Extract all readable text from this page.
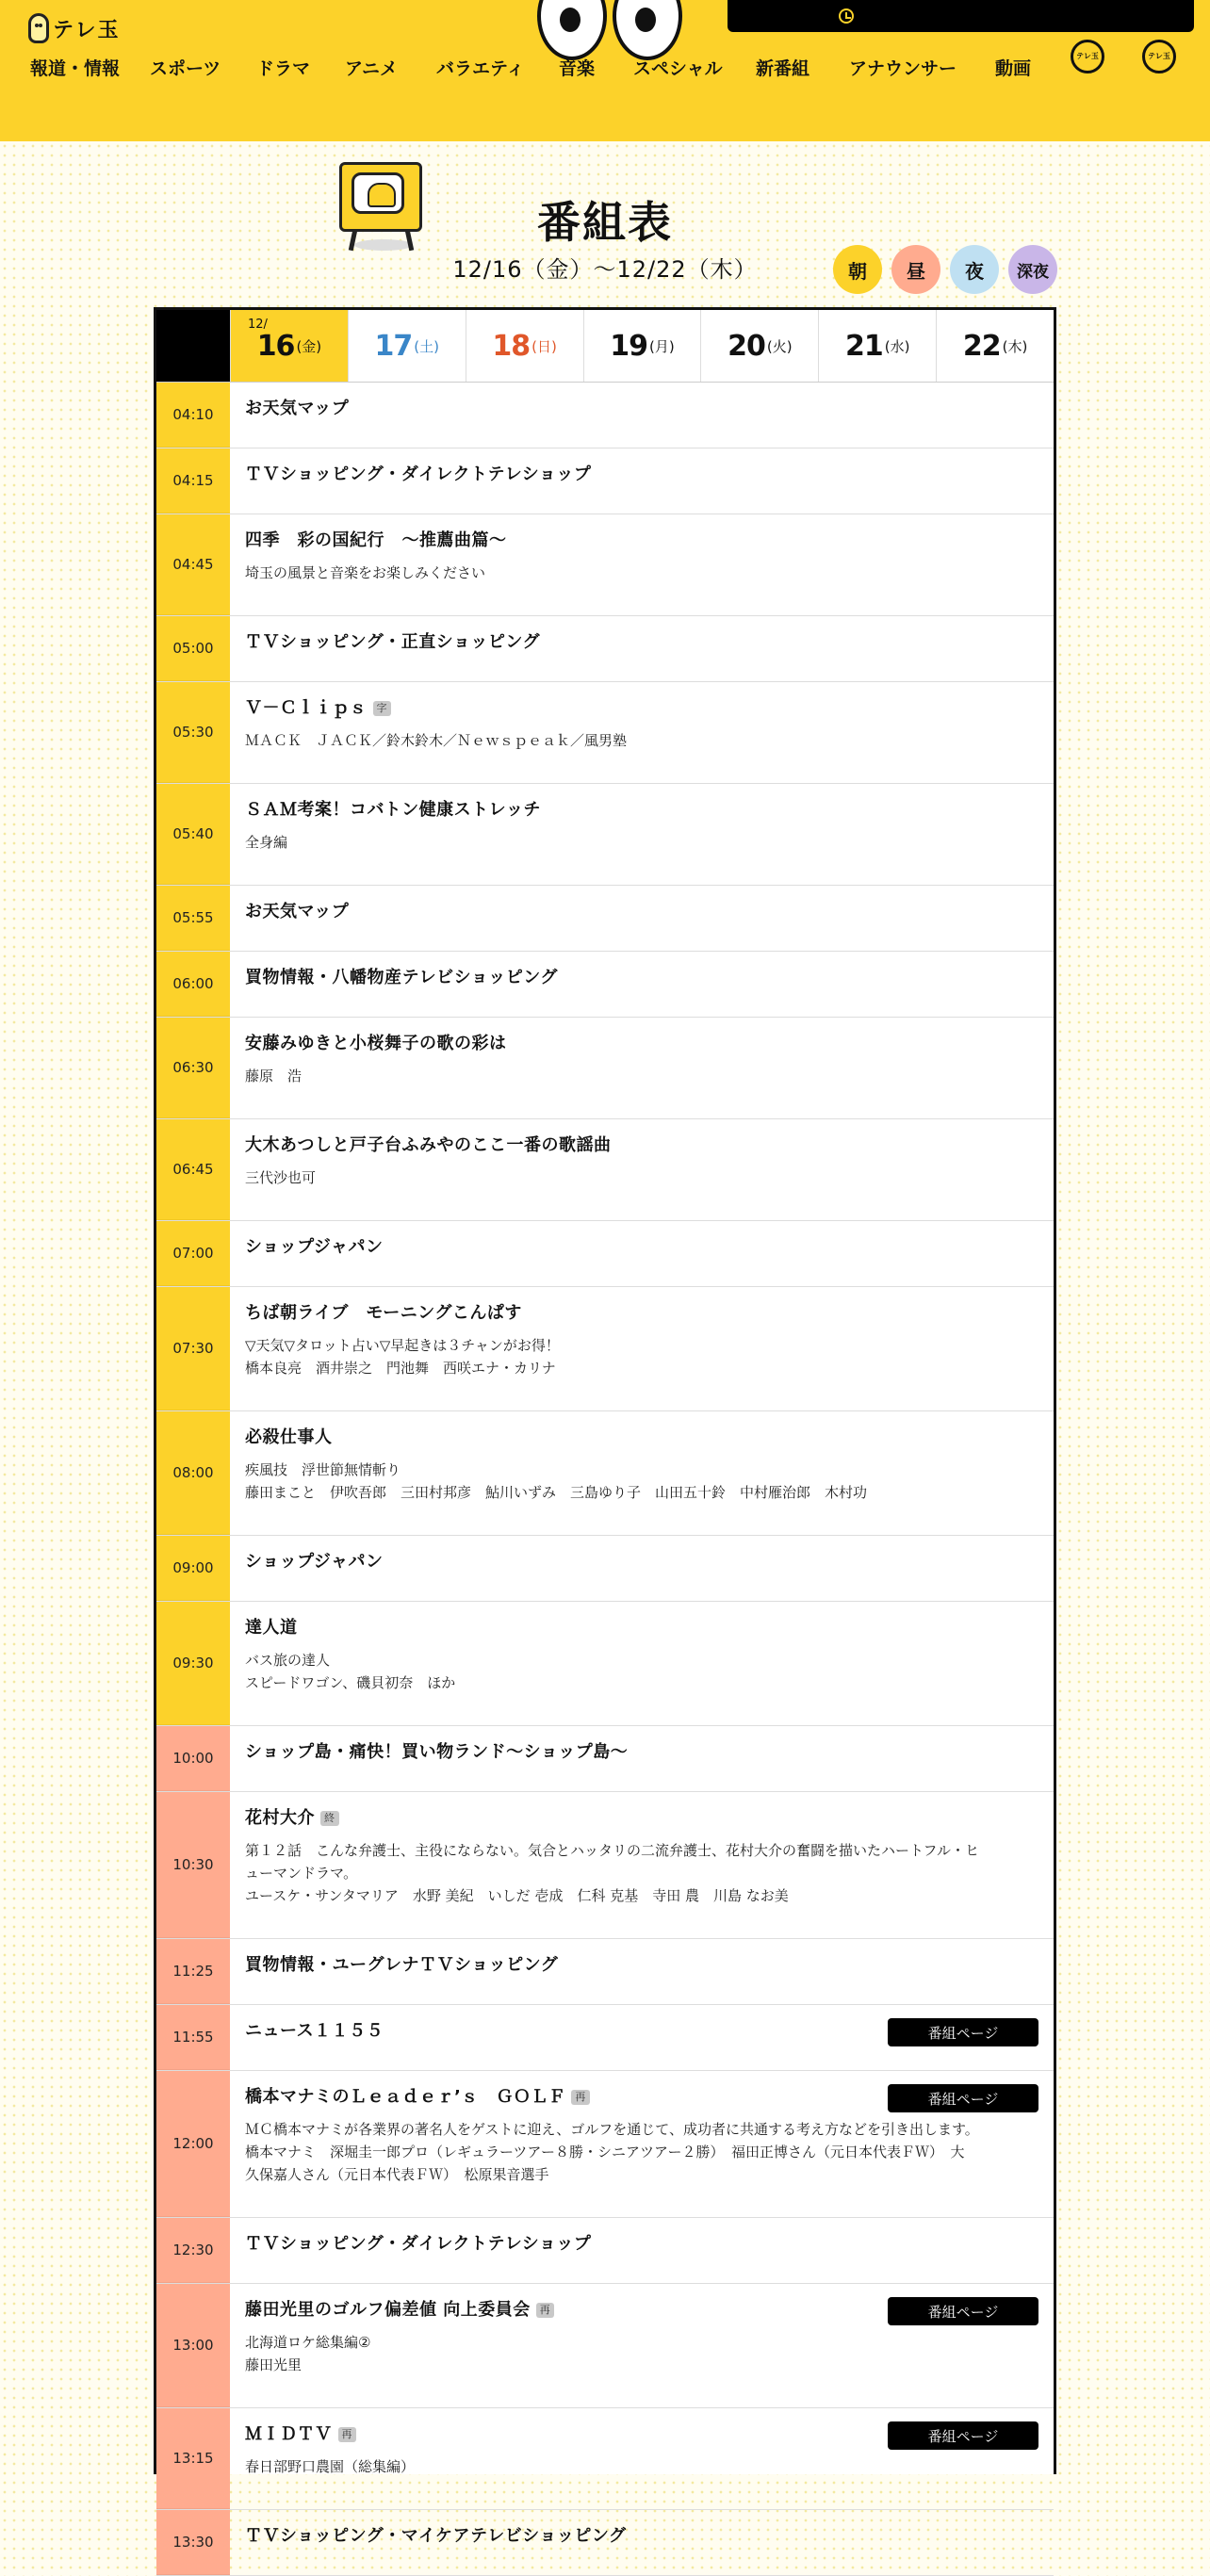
テレ玉
報道・情報 スポーツ ドラマ アニメ バラエティ 音楽 スペシャル 新番組 アナウンサー 動画
テレ玉	テレ玉
番組表
12/16（金）〜12/22（木）	朝	昼	夜	深夜
12/
16 (金) 17 (土) 18 (日) 19 (月) 20 (火) 21 (水) 22 (木)
04:10	お天気マップ
04:15	ＴＶショッピング・ダイレクトテレショップ
04:45
四季　彩の国紀行　～推薦曲篇～
埼玉の風景と音楽をお楽しみください
05:00	ＴＶショッピング・正直ショッピング
05:30
Ｖ－Ｃｌｉｐｓ 字
ＭＡＣＫ　ＪＡＣＫ／鈴木鈴木／Ｎｅｗｓｐｅａｋ／風男塾
05:40
ＳＡＭ考案！コバトン健康ストレッチ
全身編
05:55	お天気マップ
06:00	買物情報・八幡物産テレビショッピング
06:30
安藤みゆきと小桜舞子の歌の彩は
藤原　浩
06:45
大木あつしと戸子台ふみやのここ一番の歌謡曲
三代沙也可
07:00	ショップジャパン
07:30
ちば朝ライブ　モーニングこんぱす
▽天気▽タロット占い▽早起きは３チャンがお得！
橋本良亮　酒井崇之　門池舞　西咲エナ・カリナ
08:00
必殺仕事人
疾風技　浮世節無情斬り
藤田まこと　伊吹吾郎　三田村邦彦　鮎川いずみ　三島ゆり子　山田五十鈴　中村雁治郎　木村功
09:00	ショップジャパン
09:30
達人道
バス旅の達人
スピードワゴン、磯貝初奈　ほか
10:00	ショップ島・痛快！買い物ランド～ショップ島～
10:30
花村大介 終
第１２話　こんな弁護士、主役にならない。気合とハッタリの二流弁護士、花村大介の奮闘を描いたハートフル・ヒ
ューマンドラマ。
ユースケ・サンタマリア　水野 美紀　いしだ 壱成　仁科 克基　寺田 農　川島 なお美
11:25	買物情報・ユーグレナＴＶショッピング
11:55	ニュース１１５５	番組ページ
12:00
橋本マナミのＬｅａｄｅｒ’ｓ　ＧＯＬＦ 再
ＭＣ橋本マナミが各業界の著名人をゲストに迎え、ゴルフを通じて、成功者に共通する考え方などを引き出します。
橋本マナミ　深堀圭一郎プロ（レギュラーツアー８勝・シニアツアー２勝）　福田正博さん（元日本代表ＦＷ）　大
久保嘉人さん（元日本代表ＦＷ）　松原果音選手
番組ページ
12:30	ＴＶショッピング・ダイレクトテレショップ
13:00
藤田光里のゴルフ偏差値 向上委員会 再
北海道ロケ総集編②
藤田光里
番組ページ
13:15
ＭＩＤＴＶ 再
春日部野口農園（総集編）
番組ページ
13:30	ＴＶショッピング・マイケアテレビショッピング
